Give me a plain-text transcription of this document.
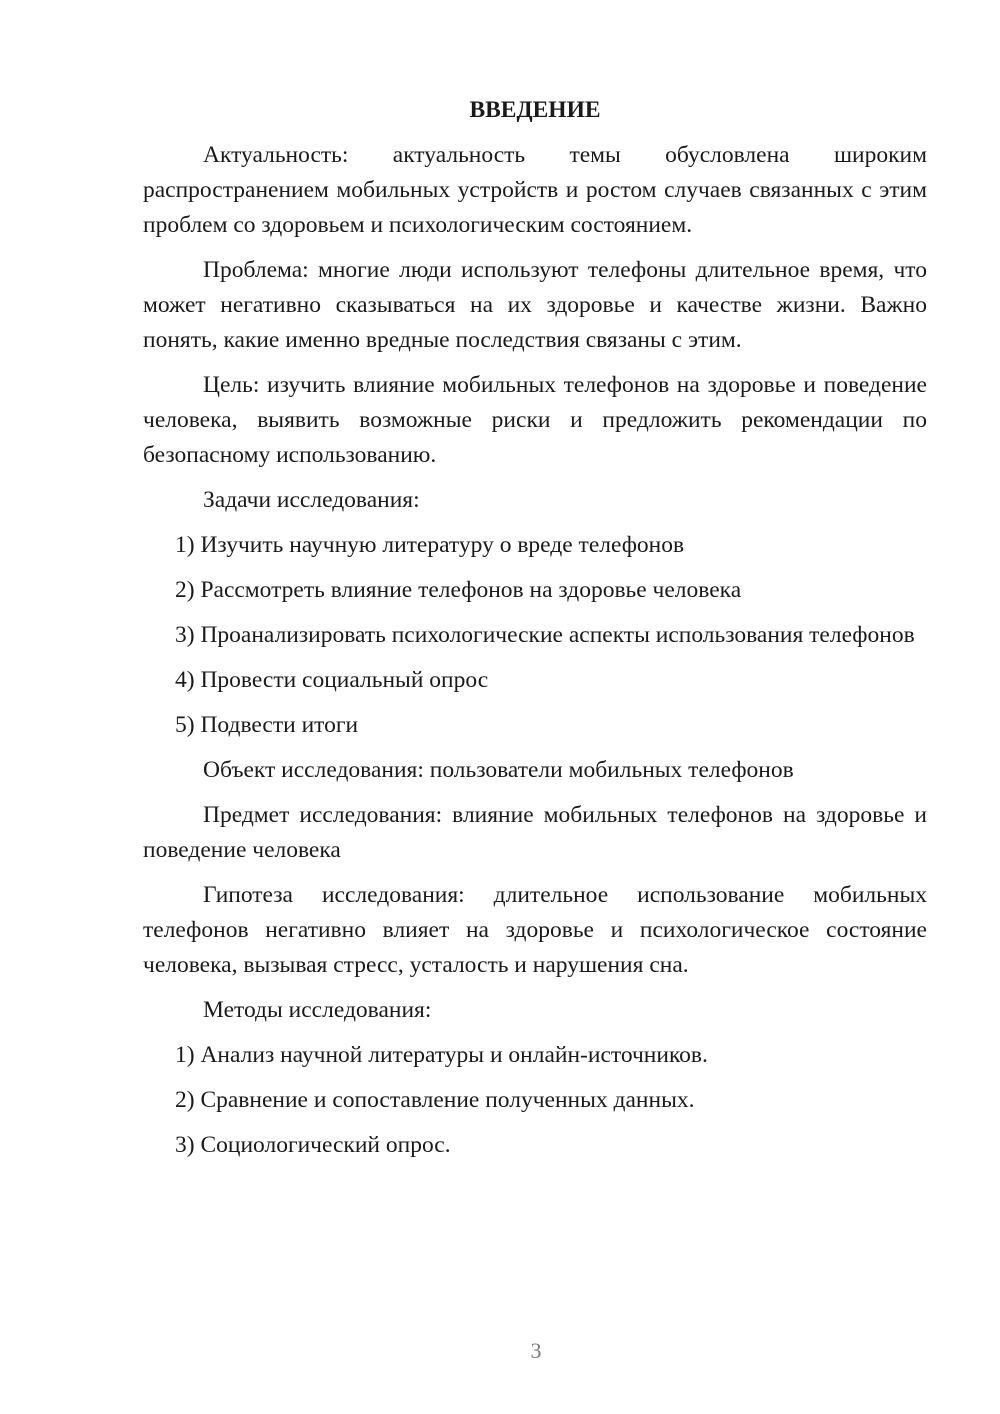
ВВЕДЕНИЕ

Актуальность: актуальность темы обусловлена широким распространением мобильных устройств и ростом случаев связанных с этим проблем со здоровьем и психологическим состоянием.

Проблема: многие люди используют телефоны длительное время, что может негативно сказываться на их здоровье и качестве жизни. Важно понять, какие именно вредные последствия связаны с этим.

Цель: изучить влияние мобильных телефонов на здоровье и поведение человека, выявить возможные риски и предложить рекомендации по безопасному использованию.

Задачи исследования:

1) Изучить научную литературу о вреде телефонов

2) Рассмотреть влияние телефонов на здоровье человека

3) Проанализировать психологические аспекты использования телефонов

4) Провести социальный опрос

5) Подвести итоги

Объект исследования: пользователи мобильных телефонов

Предмет исследования: влияние мобильных телефонов на здоровье и поведение человека

Гипотеза исследования: длительное использование мобильных телефонов негативно влияет на здоровье и психологическое состояние человека, вызывая стресс, усталость и нарушения сна.

Методы исследования:

1) Анализ научной литературы и онлайн-источников.

2) Сравнение и сопоставление полученных данных.

3) Социологический опрос.

3
